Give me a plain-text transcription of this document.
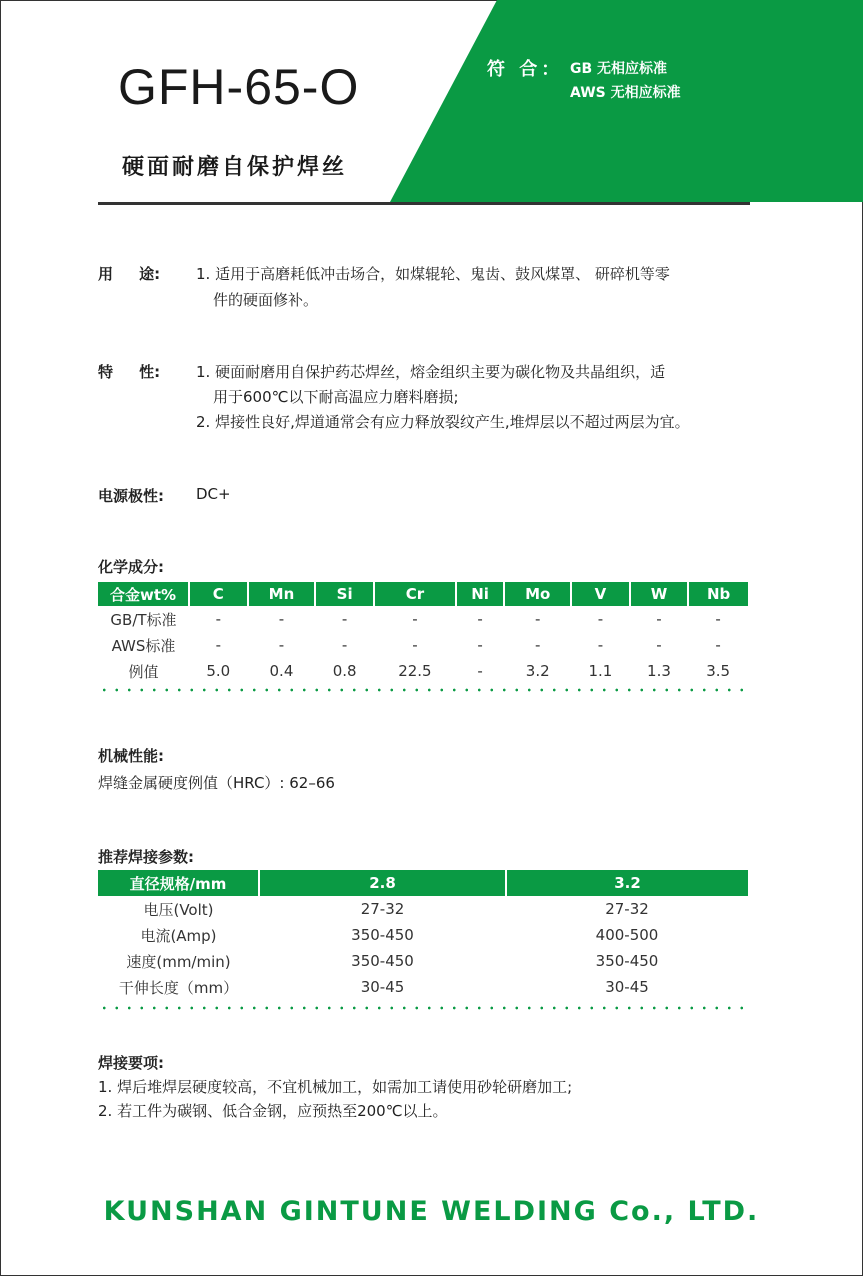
GFH-65-O
硬面耐磨自保护焊丝
符 合： GB 无相应标准
AWS 无相应标准
用     途: 1. 适用于高磨耗低冲击场合，如煤辊轮、鬼齿、鼓风煤罩、 研碎机等零
件的硬面修补。
特     性: 1. 硬面耐磨用自保护药芯焊丝，熔金组织主要为碳化物及共晶组织，适
用于600℃以下耐高温应力磨料磨损;
2. 焊接性良好,焊道通常会有应力释放裂纹产生,堆焊层以不超过两层为宜。
电源极性: DC+
化学成分:
合金wt%	C	Mn	Si	Cr	Ni	Mo	V	W	Nb
GB/T标准	-	-	-	-	-	-	-	-	-
AWS标准	-	-	-	-	-	-	-	-	-
例值	5.0	0.4	0.8	22.5	-	3.2	1.1	1.3	3.5
机械性能:
焊缝金属硬度例值（HRC）: 62–66
推荐焊接参数:
直径规格/mm	2.8	3.2
电压(Volt)	27-32	27-32
电流(Amp)	350-450	400-500
速度(mm/min)	350-450	350-450
干伸长度（mm）	30-45	30-45
焊接要项:
1. 焊后堆焊层硬度较高，不宜机械加工，如需加工请使用砂轮研磨加工;
2. 若工件为碳钢、低合金钢，应预热至200℃以上。
KUNSHAN GINTUNE WELDING Co., LTD.
